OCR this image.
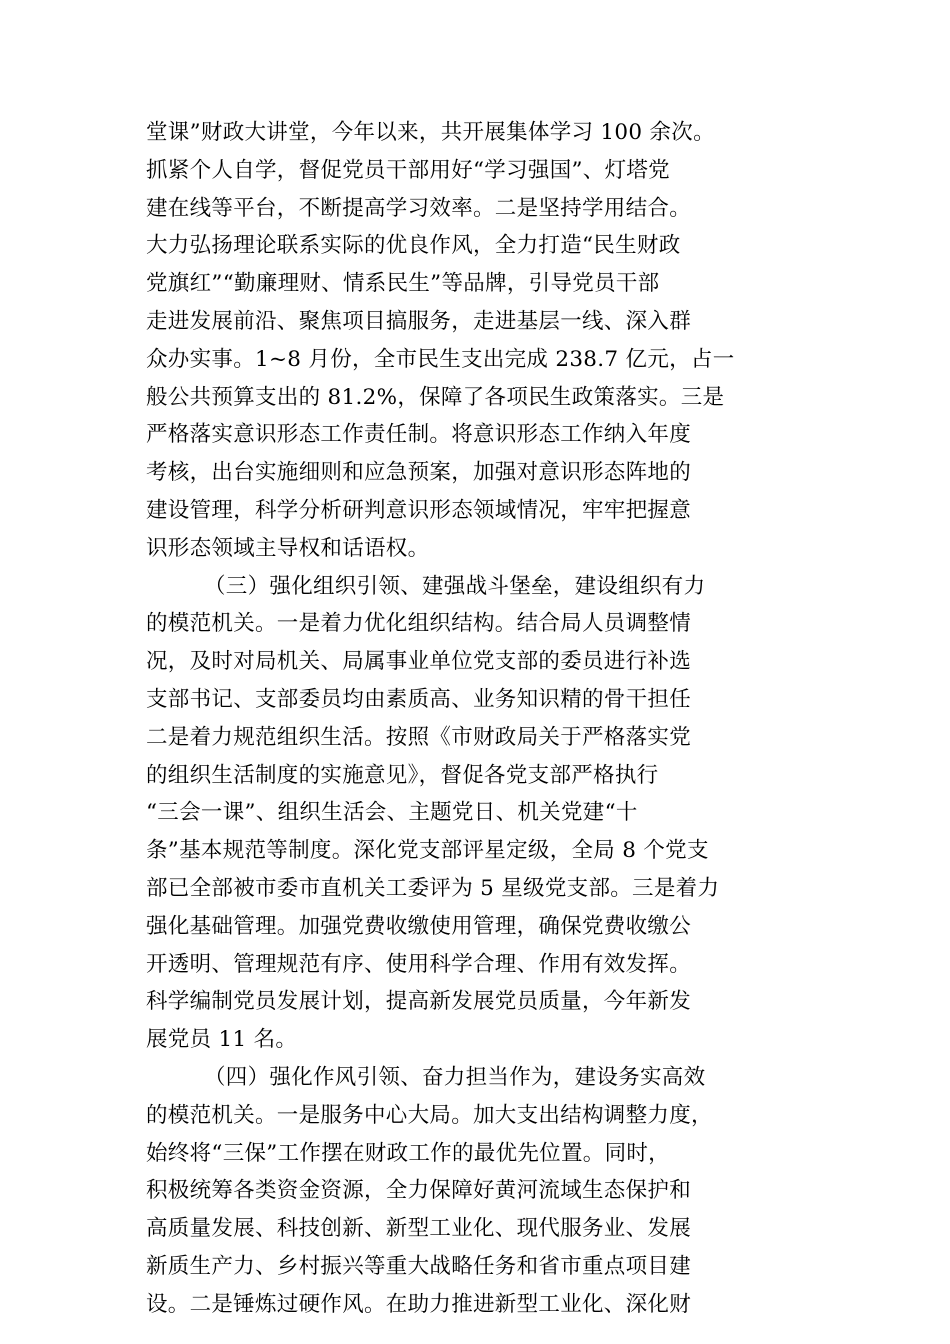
堂课”财政大讲堂，今年以来，共开展集体学习 100 余次。
抓紧个人自学，督促党员干部用好“学习强国”、灯塔党
建在线等平台，不断提高学习效率。二是坚持学用结合。
大力弘扬理论联系实际的优良作风，全力打造“民生财政
党旗红”“勤廉理财、情系民生”等品牌，引导党员干部
走进发展前沿、聚焦项目搞服务，走进基层一线、深入群
众办实事。1~8 月份，全市民生支出完成 238.7 亿元，占一
般公共预算支出的 81.2%，保障了各项民生政策落实。三是
严格落实意识形态工作责任制。将意识形态工作纳入年度
考核，出台实施细则和应急预案，加强对意识形态阵地的
建设管理，科学分析研判意识形态领域情况，牢牢把握意
识形态领域主导权和话语权。
（三）强化组织引领、建强战斗堡垒，建设组织有力
的模范机关。一是着力优化组织结构。结合局人员调整情
况，及时对局机关、局属事业单位党支部的委员进行补选
支部书记、支部委员均由素质高、业务知识精的骨干担任
二是着力规范组织生活。按照《市财政局关于严格落实党
的组织生活制度的实施意见》，督促各党支部严格执行
“三会一课”、组织生活会、主题党日、机关党建“十
条”基本规范等制度。深化党支部评星定级，全局 8 个党支
部已全部被市委市直机关工委评为 5 星级党支部。三是着力
强化基础管理。加强党费收缴使用管理，确保党费收缴公
开透明、管理规范有序、使用科学合理、作用有效发挥。
科学编制党员发展计划，提高新发展党员质量，今年新发
展党员 11 名。
（四）强化作风引领、奋力担当作为，建设务实高效
的模范机关。一是服务中心大局。加大支出结构调整力度，
始终将“三保”工作摆在财政工作的最优先位置。同时，
积极统筹各类资金资源，全力保障好黄河流域生态保护和
高质量发展、科技创新、新型工业化、现代服务业、发展
新质生产力、乡村振兴等重大战略任务和省市重点项目建
设。二是锤炼过硬作风。在助力推进新型工业化、深化财
